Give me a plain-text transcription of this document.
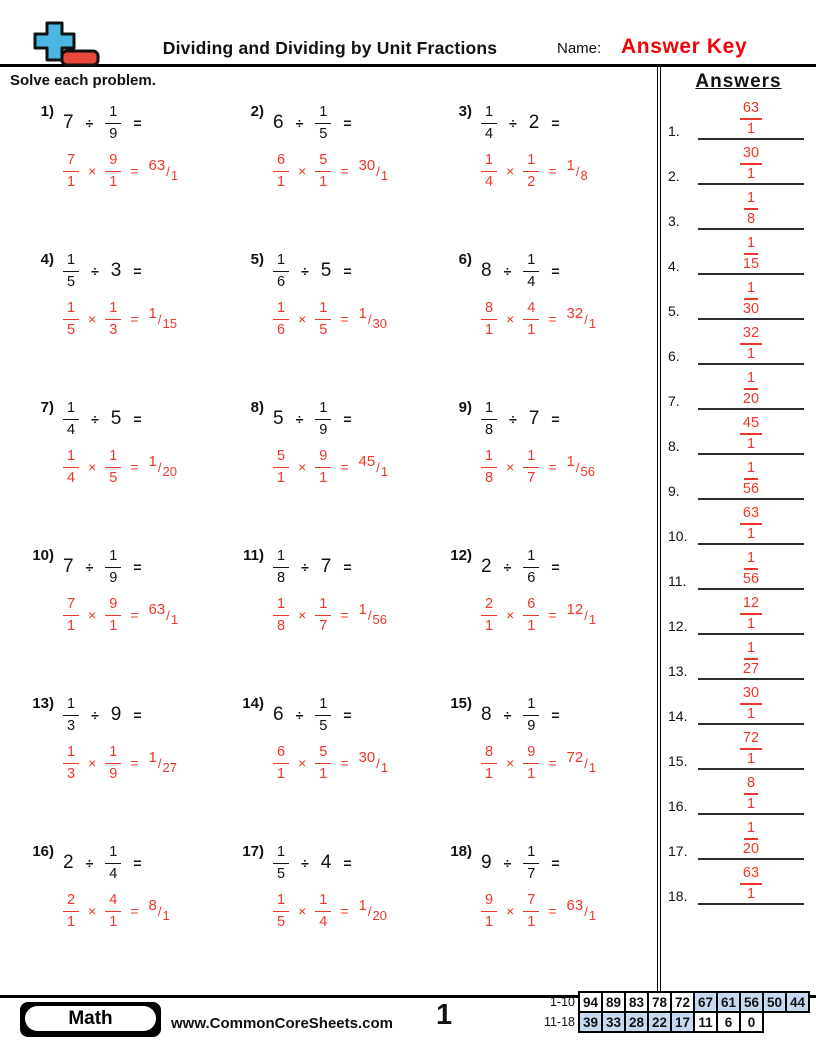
Dividing and Dividing by Unit Fractions	Name: Answer Key
Solve each problem.
1)
$7 \div \frac{1}{9}$ =
$\frac{7}{1} \times \frac{9}{1} = 63/1$
2)
$6 \div \frac{1}{5}$ =
$\frac{6}{1} \times \frac{5}{1} = 30/1$
$3) \frac{1}{4} \div 2$ =
$\frac{1}{4} \times \frac{1}{2} = 1/8$
$4) \frac{1}{5} \div 3$ =
$\frac{1}{5} \times \frac{1}{3} = 1/15$
$5) \frac{1}{6} \div 5$ =
$\frac{1}{6} \times \frac{1}{5} = 1/30$
6)
$8 \div \frac{1}{4}$ =
$\frac{8}{1} \times \frac{4}{1} = 32/1$
$7) \frac{1}{4} \div 5$ =
$\frac{1}{4} \times \frac{1}{5} = 1/20$
8)
$5 \div \frac{1}{9}$ =
$\frac{5}{1} \times \frac{9}{1} = 45/1$
$9) \frac{1}{8} \div 7$ =
$\frac{1}{8} \times \frac{1}{7} = 1/56$
10)
$7 \div \frac{1}{9}$ =
$\frac{7}{1} \times \frac{9}{1} = 63/1$
$11) \frac{1}{8} \div 7$ =
$\frac{1}{8} \times \frac{1}{7} = 1/56$
12)
$2 \div \frac{1}{6}$ =
$\frac{2}{1} \times \frac{6}{1} = 12/1$
$13) \frac{1}{3} \div 9$ =
$\frac{1}{3} \times \frac{1}{9} = 1/27$
14)
$6 \div \frac{1}{5}$ =
$\frac{6}{1} \times \frac{5}{1} = 30/1$
15)
$8 \div \frac{1}{9}$ =
$\frac{8}{1} \times \frac{9}{1} = 72/1$
16)
$2 \div \frac{1}{4}$ =
$\frac{2}{1} \times \frac{4}{1} = 8/1$
$17) \frac{1}{5} \div 4$ =
$\frac{1}{5} \times \frac{1}{4} = 1/20$
18)
$9 \div \frac{1}{7}$ =
$\frac{9}{1} \times \frac{7}{1} = 63/1$
Answers
1.	$\frac{63}{1}$
2.	$\frac{30}{1}$
3.	$\frac{1}{8}$
4.	$\frac{1}{15}$
5.	$\frac{1}{30}$
6.	$\frac{32}{1}$
7.	$\frac{1}{20}$
8.	$\frac{45}{1}$
9.	$\frac{1}{56}$
10.	$\frac{63}{1}$
11.	$\frac{1}{56}$
12.	$\frac{12}{1}$
13.	$\frac{1}{27}$
14.	$\frac{30}{1}$
15.	$\frac{72}{1}$
16.	$\frac{8}{1}$
17.	$\frac{1}{20}$
18.	$\frac{63}{1}$
Math	www.CommonCoreSheets.com 1	1-10 94 89 83 78 72 67 61 56 50 44
11-18 39 33 28 22 17 11 6	0
